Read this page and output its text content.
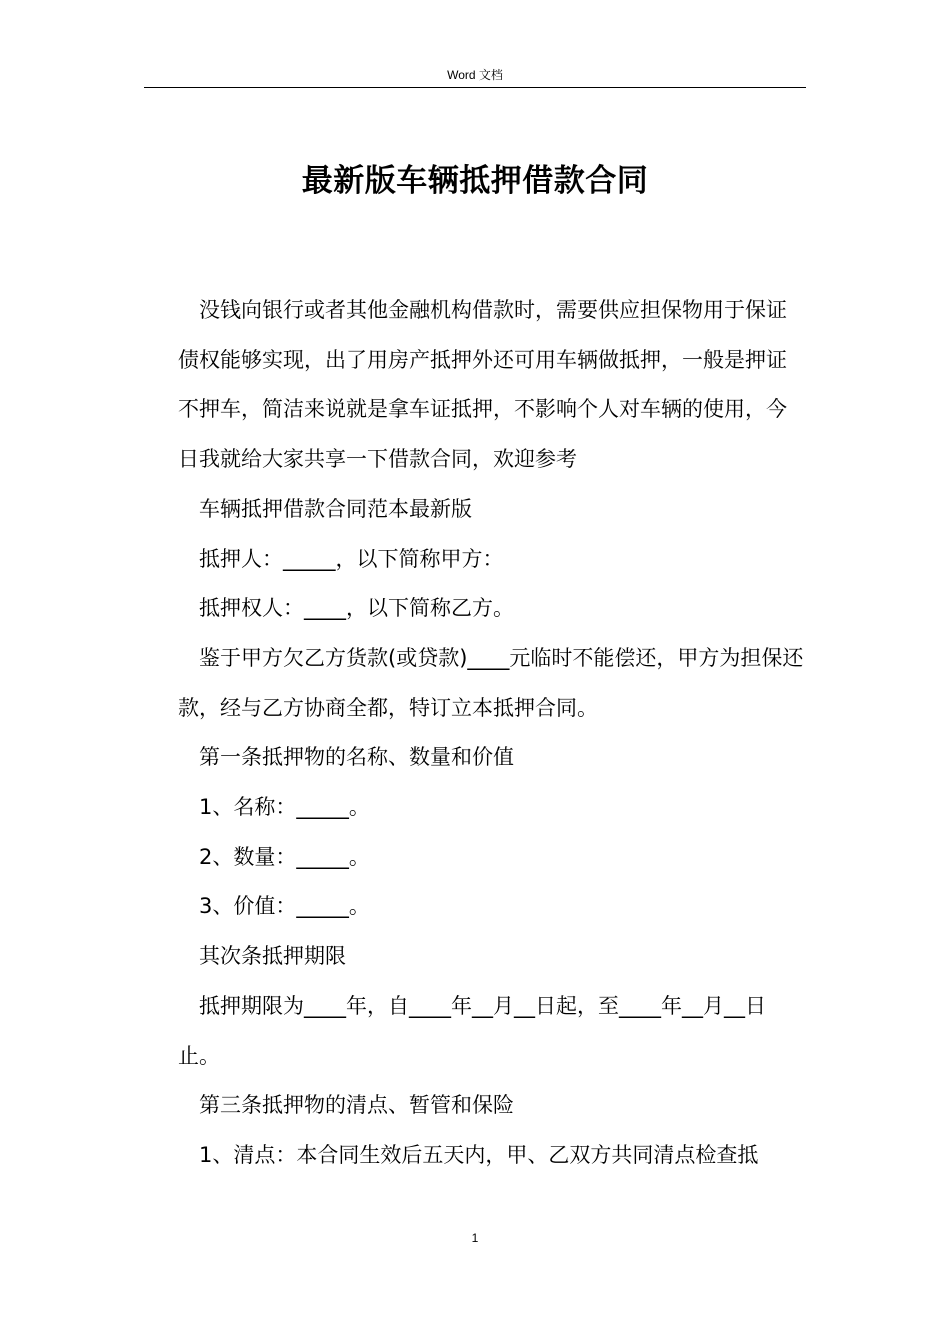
Word 文档
最新版车辆抵押借款合同

没钱向银行或者其他金融机构借款时，需要供应担保物用于保证债权能够实现，出了用房产抵押外还可用车辆做抵押，一般是押证不押车，简洁来说就是拿车证抵押，不影响个人对车辆的使用，今日我就给大家共享一下借款合同，欢迎参考

车辆抵押借款合同范本最新版

抵押人：_____，以下简称甲方：

抵押权人：____，以下简称乙方。

鉴于甲方欠乙方货款(或贷款)____元临时不能偿还，甲方为担保还款，经与乙方协商全都，特订立本抵押合同。

第一条抵押物的名称、数量和价值

1、名称：_____。

2、数量：_____。

3、价值：_____。

其次条抵押期限

抵押期限为____年，自____年__月__日起，至____年__月__日止。

第三条抵押物的清点、暂管和保险

1、清点：本合同生效后五天内，甲、乙双方共同清点检查抵

1
